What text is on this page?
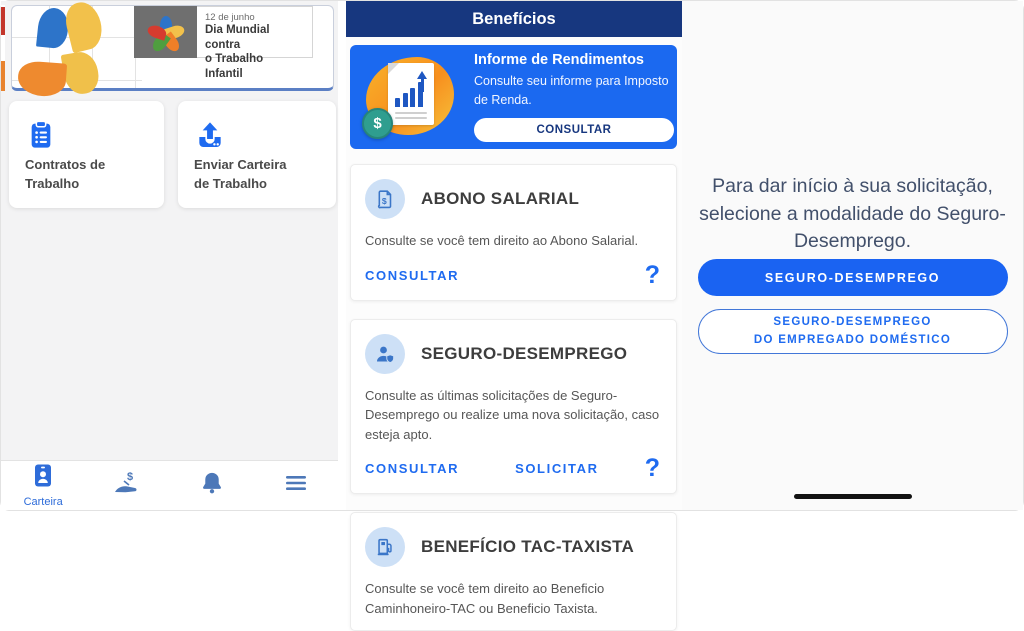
12 de junho
Dia Mundial contra
o Trabalho Infantil
Contratos de
Trabalho
Enviar Carteira
de Trabalho
Carteira
$
Benefícios
$
Informe de Rendimentos
Consulte seu informe para Imposto de Renda.
CONSULTAR
$ ABONO SALARIAL
Consulte se você tem direito ao Abono Salarial.
CONSULTAR	?
SEGURO-DESEMPREGO
Consulte as últimas solicitações de Seguro-Desemprego ou realize uma nova solicitação, caso esteja apto.
CONSULTAR	SOLICITAR ?
BENEFÍCIO TAC-TAXISTA
Consulte se você tem direito ao Beneficio Caminhoneiro-TAC ou Beneficio Taxista.
Para dar início à sua solicitação, selecione a modalidade do Seguro-Desemprego.
SEGURO-DESEMPREGO
SEGURO-DESEMPREGO
DO EMPREGADO DOMÉSTICO
